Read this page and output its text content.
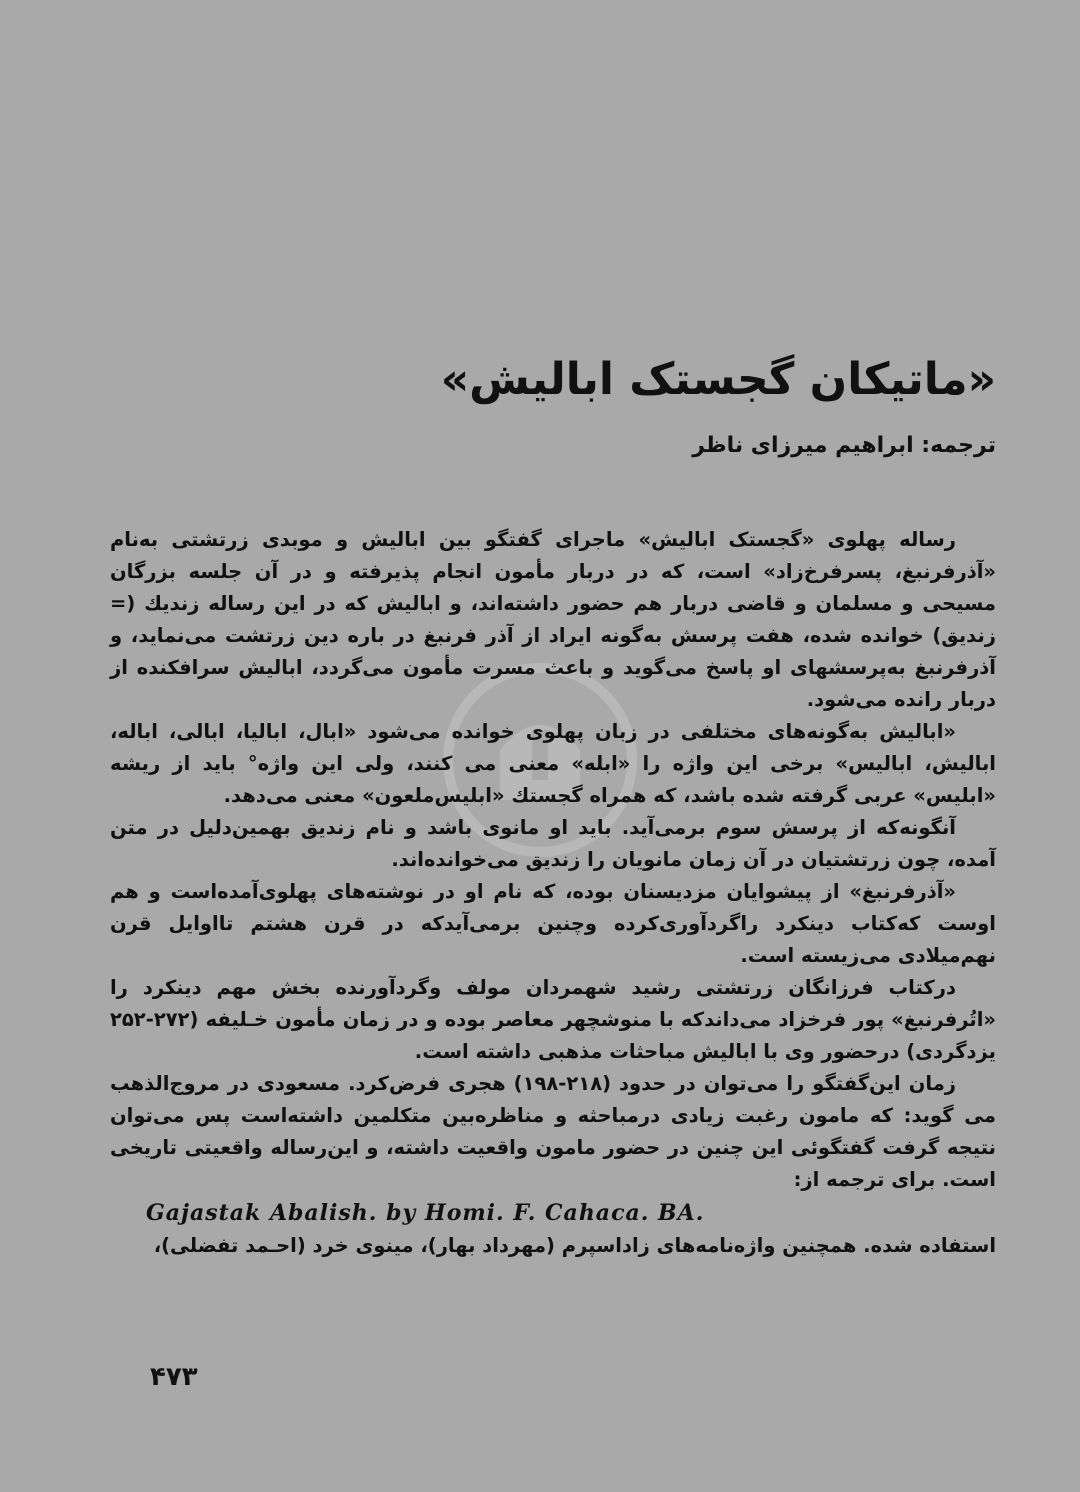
«ماتیکان گجستک ابالیش»
ترجمه: ابراهیم میرزای ناظر

رساله پهلوی «گجستک ابالیش» ماجرای گفتگو بین ابالیش و موبدی زرتشتی به‌نام «آذرفرنبغ، پسرفرخ‌زاد» است، که در دربار مأمون انجام پذیرفته و در آن جلسه بزرگان مسیحی و مسلمان و قاضی دربار هم حضور داشته‌اند، و ابالیش که در این رساله زندیك (= زندیق) خوانده شده، هفت پرسش به‌گونه ایراد از آذر فرنبغ در باره دین زرتشت می‌نماید، و آذرفرنبغ به‌پرسشهای او پاسخ می‌گوید و باعث مسرت مأمون می‌گردد، ابالیش سرافکنده از دربار رانده می‌شود.

«ابالیش به‌گونه‌های مختلفی در زبان پهلوی خوانده می‌شود «ابال، ابالیا، ابالی، اباله، ابالیش، ابالیس» برخی این واژه را «ابله» معنی می کنند، ولی این واژه° باید از ریشه «ابلیس» عربی گرفته شده باشد، که همراه گجستك «ابلیس‌ملعون» معنی می‌دهد.

آنگونه‌که از پرسش سوم برمی‌آید. باید او مانوی باشد و نام زندیق بهمین‌دلیل در متن آمده، چون زرتشتیان در آن زمان مانویان را زندیق می‌خوانده‌اند.

«آذرفرنبغ» از پیشوایان مزدیسنان بوده، که نام او در نوشته‌های پهلوی‌آمده‌است و هم اوست‌ که‌کتاب دینکرد راگردآوری‌کرده وچنین برمی‌آیدکه در قرن هشتم تااوایل قرن نهم‌میلادی می‌زیسته است.

درکتاب فرزانگان زرتشتی رشید شهمردان مولف وگردآورنده بخش مهم دینکرد را «اتُرفرنبغ» پور فرخزاد می‌داندکه با منوشچهر معاصر بوده و در زمان مأمون خـلیفه (۲۷۲-۲۵۲ یزدگردی) درحضور وی با ابالیش مباحثات مذهبی داشته است.

زمان این‌گفتگو را می‌توان در حدود (۲۱۸-۱۹۸) هجری فرض‌کرد. مسعودی در مروج‌الذهب می گوید: که مامون رغبت زیادی درمباحثه و مناظره‌بین متکلمین داشته‌است پس می‌توان نتیجه گرفت گفتگوئی این چنین در حضور مامون واقعیت داشته، و این‌رساله واقعیتی تاریخی است. برای ترجمه از:

Gajastak Abalish. by Homi. F. Cahaca. BA.

استفاده شده. همچنین واژه‌نامه‌های زاداسپرم (مهرداد بهار)، مینوی خرد (احـمد تفضلی)،

۴۷۳
